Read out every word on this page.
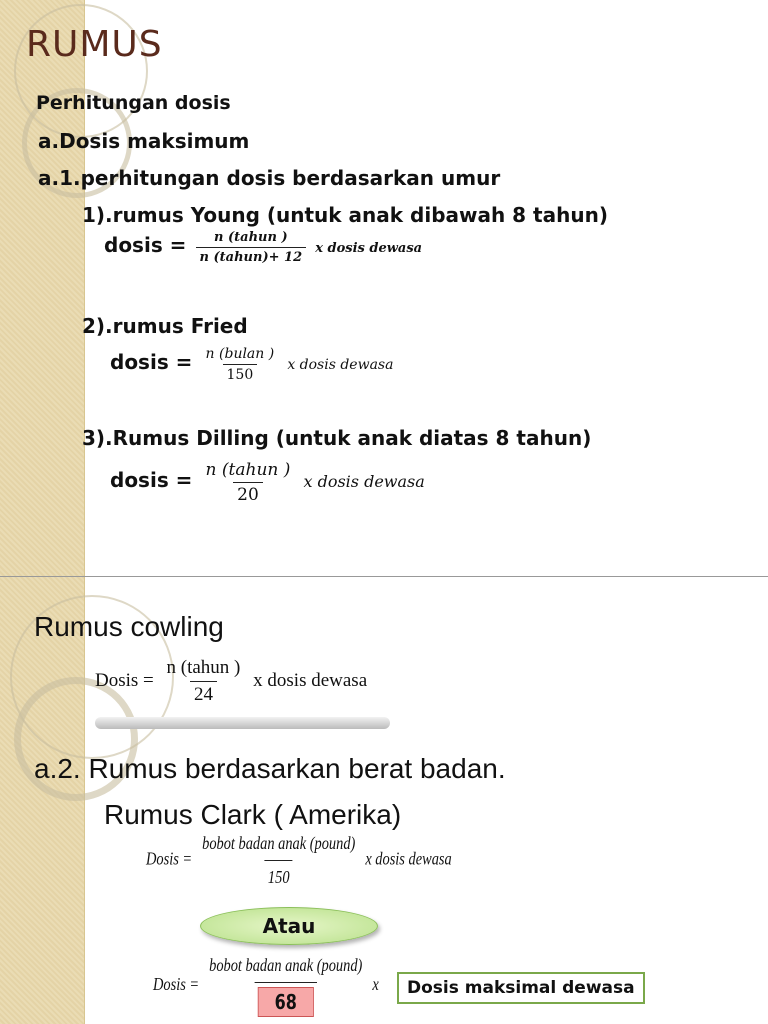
RUMUS
Perhitungan dosis
a.Dosis maksimum
a.1.perhitungan dosis berdasarkan umur
1).rumus Young (untuk anak dibawah 8 tahun)
dosis = $\frac{\text{n (tahun )}}{\text{n (tahun)+ 12}}$ x dosis dewasa
2).rumus Fried
dosis = $\frac{\text{n (bulan )}}{150}$ x dosis dewasa
3).Rumus Dilling (untuk anak diatas 8 tahun)
dosis = $\frac{\text{n (tahun )}}{20}$ x dosis dewasa
Rumus cowling
Dosis = $\frac{\text{n (tahun )}}{24}$ x dosis dewasa
a.2. Rumus berdasarkan berat badan.
Rumus Clark ( Amerika)
Dosis = $\frac{\text{bobot badan anak (pound)}}{150}$ x dosis dewasa
Atau
Dosis = $\frac{\text{bobot badan anak (pound)}}{68}$ x	Dosis maksimal dewasa
